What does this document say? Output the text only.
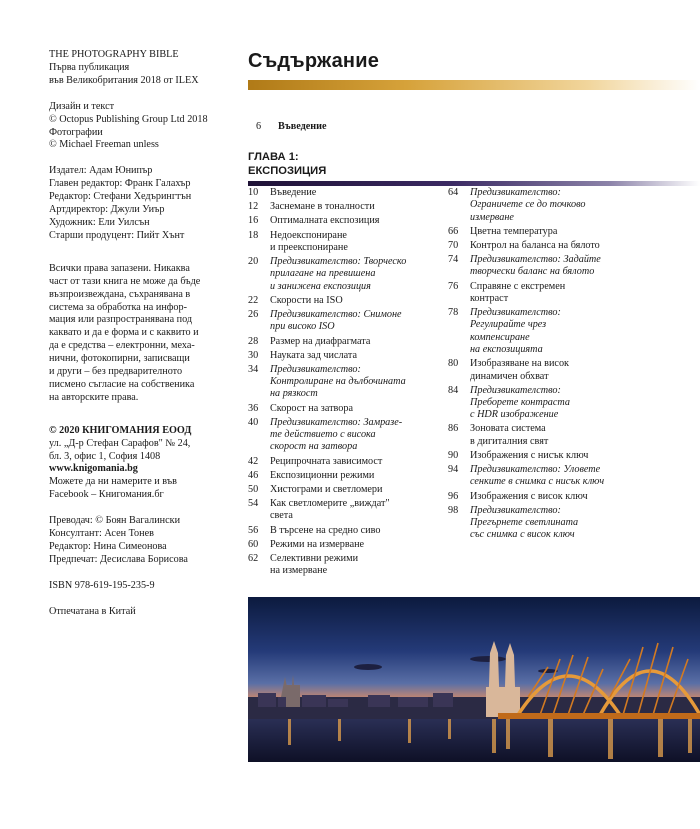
THE PHOTOGRAPHY BIBLE

Първа публикация

във Великобритания 2018 от ILEX

Дизайн и текст

© Octopus Publishing Group Ltd 2018

Фотографии

© Michael Freeman unless

Издател: Адам Юнипър

Главен редактор: Франк Галахър

Редактор: Стефани Хедърингтън

Артдиректор: Джули Уиър

Художник: Ели Уилсън

Старши продуцент: Пийт Хънт

Всички права запазени. Никаква

част от тази книга не може да бъде

възпроизвеждана, съхранявана в

система за обработка на инфор-

мация или разпространявана под

каквато и да е форма и с каквито и

да е средства – електронни, меха-

нични, фотокопирни, записващи

и други – без предварителното

писмено съгласие на собственика

на авторските права.

© 2020 КНИГОМАНИЯ ЕООД

ул. „Д-р Стефан Сарафов" № 24,

бл. 3, офис 1, София 1408

www.knigomania.bg

Можете да ни намерите и във

Facebook – Книгомания.бг

Преводач: © Боян Вагалински

Консултант: Асен Тонев

Редактор: Нина Симеонова

Предпечат: Десислава Борисова

ISBN 978-619-195-235-9

Отпечатана в Китай

Съдържание
6 Въведение
ГЛАВА 1:
ЕКСПОЗИЦИЯ
10	Въведение
12	Заснемане в тоналности
16	Оптималната експозиция
18	Недоекспониране
и преекспониране
20	Предизвикателство: Творческо
прилагане на превишена
и занижена експозиция
22	Скорости на ISO
26	Предизвикателство: Снимоне
при високо ISO
28	Размер на диафрагмата
30	Науката зад числата
34	Предизвикателство:
Контролиране на дълбочината
на рязкост
36	Скорост на затвора
40	Предизвикателство: Замразе-
те действието с висока
скорост на затвора
42	Реципрочната зависимост
46	Експозиционни режими
50	Хистограми и светломери
54	Как светломерите „виждат"
света
56	В търсене на средно сиво
60	Режими на измерване
62	Селективни режими
на измерване
64	Предизвикателство:
Ограничете се до точково
измерване
66	Цветна температура
70	Контрол на баланса на бялото
74	Предизвикателство: Задайте
творчески баланс на бялото
76	Справяне с екстремен
контраст
78	Предизвикателство:
Регулирайте чрез
компенсиране
на експозицията
80	Изобразяване на висок
динамичен обхват
84	Предизвикателство:
Преборете контраста
с HDR изображение
86	Зоновата система
в дигиталния свят
90	Изображения с нисък ключ
94	Предизвикателство: Уловете
сенките в снимка с нисък ключ
96	Изображения с висок ключ
98	Предизвикателство:
Прегърнете светлината
със снимка с висок ключ
